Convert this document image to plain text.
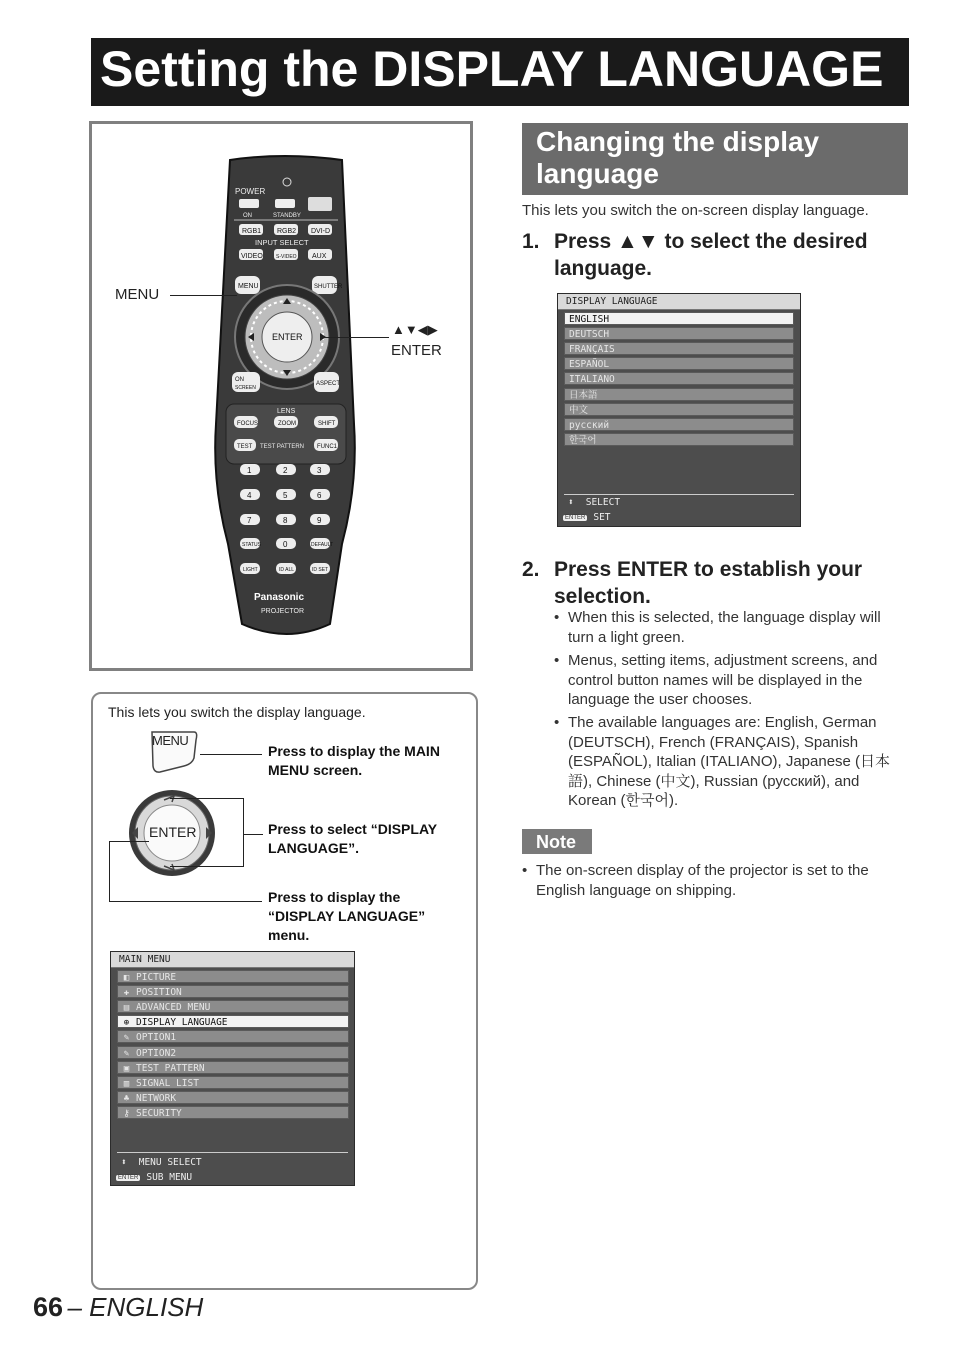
Setting the DISPLAY LANGUAGE
POWER
ON	STANDBY
RGB1 RGB2 DVI-D
INPUT SELECT
VIDEO	S-VIDEO AUX
MENU	SHUTTER
ENTER
ON
SCREEN
ASPECT
LENS
FOCUS	ZOOM	SHIFT
TEST TEST PATTERN FUNC1
1	2	3
4	5	6
7	8	9
0
STATUS	DEFAULT
LIGHT	ID ALL	ID SET
Panasonic
PROJECTOR
MENU
▲▼◀▶
ENTER
This lets you switch the display language.
MENU
Press to display the MAIN MENU screen.
ENTER	Press to select “DISPLAY LANGUAGE”.
Press to display the “DISPLAY LANGUAGE” menu.
MAIN MENU
◧ PICTURE
✚ POSITION
▤ ADVANCED MENU
⊕ DISPLAY LANGUAGE
✎ OPTION1
✎ OPTION2
▣ TEST PATTERN
▥ SIGNAL LIST
♣ NETWORK
⚷ SECURITY
⬍ MENU SELECT
ENTER SUB MENU
Changing the display language
This lets you switch the on-screen display language.
1. Press ▲▼ to select the desired language.
DISPLAY LANGUAGE
ENGLISH
DEUTSCH
FRANÇAIS
ESPAÑOL
ITALIANO
日本語
中文
русский
한국어
⬍ SELECT
ENTER SET
2. Press ENTER to establish your selection.
• When this is selected, the language display will turn a light green.
• Menus, setting items, adjustment screens, and control button names will be displayed in the language the user chooses.
• The available languages are: English, German (DEUTSCH), French (FRANÇAIS), Spanish (ESPAÑOL), Italian (ITALIANO), Japanese (日本語), Chinese (中文), Russian (русский), and Korean (한국어).
Note
• The on-screen display of the projector is set to the English language on shipping.
66 – ENGLISH
